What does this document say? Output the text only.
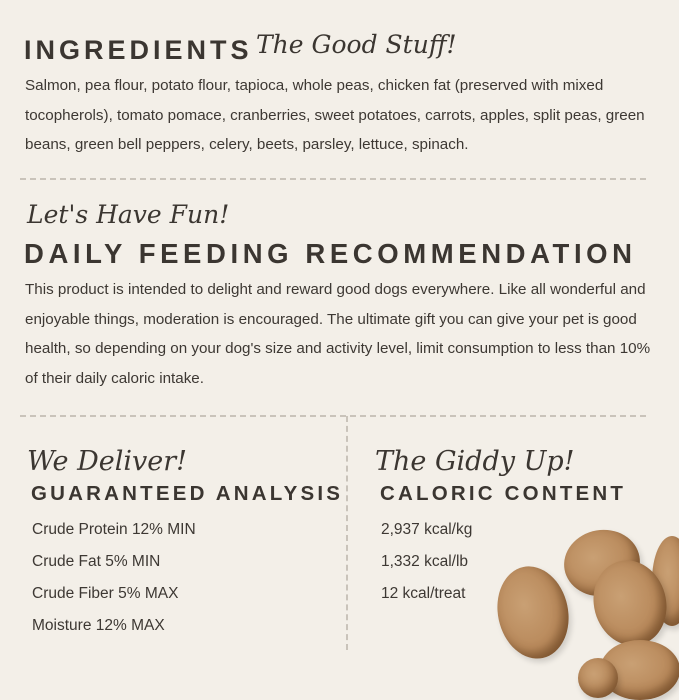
INGREDIENTS The Good Stuff!
Salmon, pea flour, potato flour, tapioca, whole peas, chicken fat (preserved with mixed tocopherols), tomato pomace, cranberries, sweet potatoes, carrots, apples, split peas, green beans, green bell peppers, celery, beets, parsley, lettuce, spinach.
Let's Have Fun!
DAILY FEEDING RECOMMENDATION
This product is intended to delight and reward good dogs everywhere. Like all wonderful and enjoyable things, moderation is encouraged. The ultimate gift you can give your pet is good health, so depending on your dog's size and activity level, limit consumption to less than 10% of their daily caloric intake.
We Deliver!
GUARANTEED ANALYSIS
Crude Protein 12% MIN
Crude Fat 5% MIN
Crude Fiber 5% MAX
Moisture 12% MAX
The Giddy Up!
CALORIC CONTENT
2,937 kcal/kg
1,332 kcal/lb
12 kcal/treat
